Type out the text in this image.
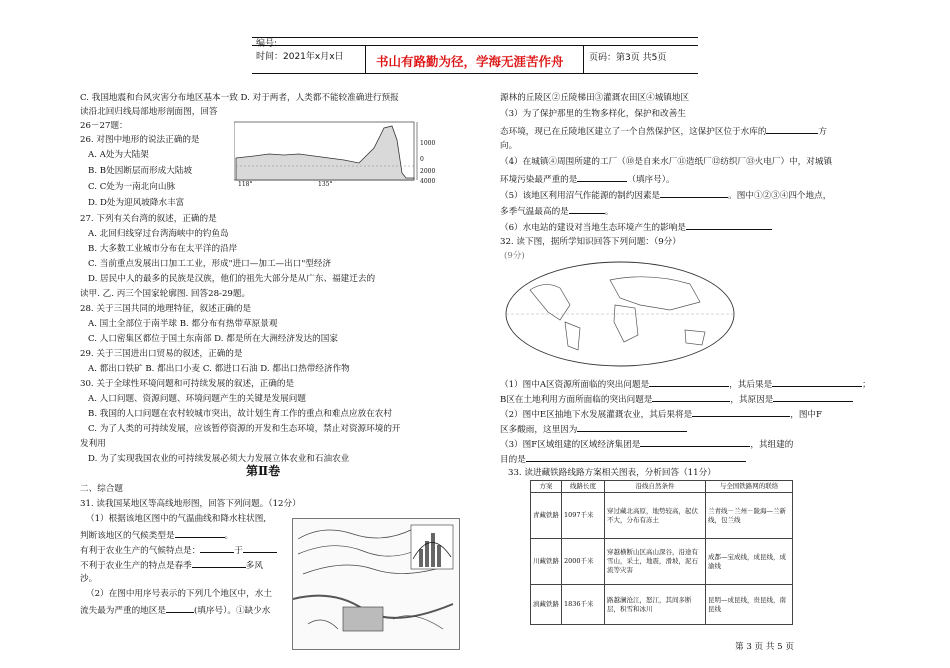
编号:
时间：2021年x月x日	书山有路勤为径，学海无涯苦作舟	页码：第3页 共5页
C. 我国地震和台风灾害分布地区基本一致 D. 对于两者，人类都不能较准确进行预报
读沿北回归线局部地形剖面图，回答
26－27题：
26. 对图中地形的说法正确的是
A. A处为大陆架
B. B处因断层而形成大陆坡
C. C处为一南北向山脉
D. D处为迎风坡降水丰富
118°	135°
1000
0
2000
4000
27. 下列有关台湾的叙述，正确的是
A. 北回归线穿过台湾海峡中的钓鱼岛
B. 大多数工业城市分布在太平洋的沿岸
C. 当前重点发展出口加工工业，形成"进口—加工—出口"型经济
D. 居民中人的最多的民族是汉族，他们的祖先大部分是从广东、福建迁去的
读甲. 乙. 丙三个国家轮廓图. 回答28-29题。
28. 关于三国共同的地理特征，叙述正确的是
A. 国土全部位于南半球 B. 都分布有热带草原景观
C. 人口密集区都位于国土东南部 D. 都是所在大洲经济发达的国家
29. 关于三国进出口贸易的叙述，正确的是
A. 都出口铁矿 B. 都出口小麦 C. 都进口石油 D. 都出口热带经济作物
30. 关于全球性环境问题和可持续发展的叙述，正确的是
A. 人口问题、资源问题、环境问题产生的关键是发展问题
B. 我国的人口问题在农村较城市突出，故计划生育工作的重点和难点应放在农村
C. 为了人类的可持续发展，应该暂停资源的开发和生态环境，禁止对资源环境的开
发利用
D. 为了实现我国农业的可持续发展必须大力发展立体农业和石油农业
第Ⅱ卷
二、综合题
31. 读我国某地区等高线地形图，回答下列问题。（12分）
（1）根据该地区图中的气温曲线和降水柱状图,
判断该地区的气候类型是	。
有利于农业生产的气候特点是：	于
不利于农业生产的特点是春季	多风
沙。
（2）在图中用序号表示的下列几个地区中，水土
流失最为严重的地区是	(填序号）。①缺少水
源林的丘陵区②丘陵梯田③灌溉农田区④城镇地区
（3）为了保护那里的生物多样化，保护和改善生
态环境，现已在丘陵地区建立了一个自然保护区，这保护区位于水库的	方
向。
（4）在城镇④周围所建的工厂（⑩是自来水厂⑪造纸厂⑫纺织厂⑬火电厂）中，对城镇
环境污染最严重的是	（填序号）。
（5）该地区利用沼气作能源的制约因素是	。图中①②③④四个地点，
多季气温最高的是	。
（6）水电站的建设对当地生态环境产生的影响是
32. 读下图，据所学知识回答下列问题：（9分）
(9分)
（1）图中A区资源所面临的突出问题是	，其后果是	；
B区在土地利用方面所面临的突出问题是	，其原因是
（2）图中E区抽地下水发展灌溉农业，其后果将是	，图中F
区多酸雨，这里因为
（3）图F区域组建的区域经济集团是	，其组建的
目的是
33. 读进藏铁路线路方案相关图表，分析回答（11分）
方案	线路长度	沿线自然条件	与全国铁路网的联络
青藏铁路	1097千米	穿过藏北高原，地势较高，起伏不大，分布有冻土	兰青线－兰州－陇海—兰新线，包兰线
川藏铁路	2000千米	穿越横断山区高山深谷，沿途有雪山，采土，地震，滑坡，泥石流等灾害	成都—宝成线，成昆线，成渝线
滇藏铁路	1836千米	路越澜沧江，怒江，其间多断层，积雪和冰川	昆明—成昆线，贵昆线，南昆线
第 3 页 共 5 页
